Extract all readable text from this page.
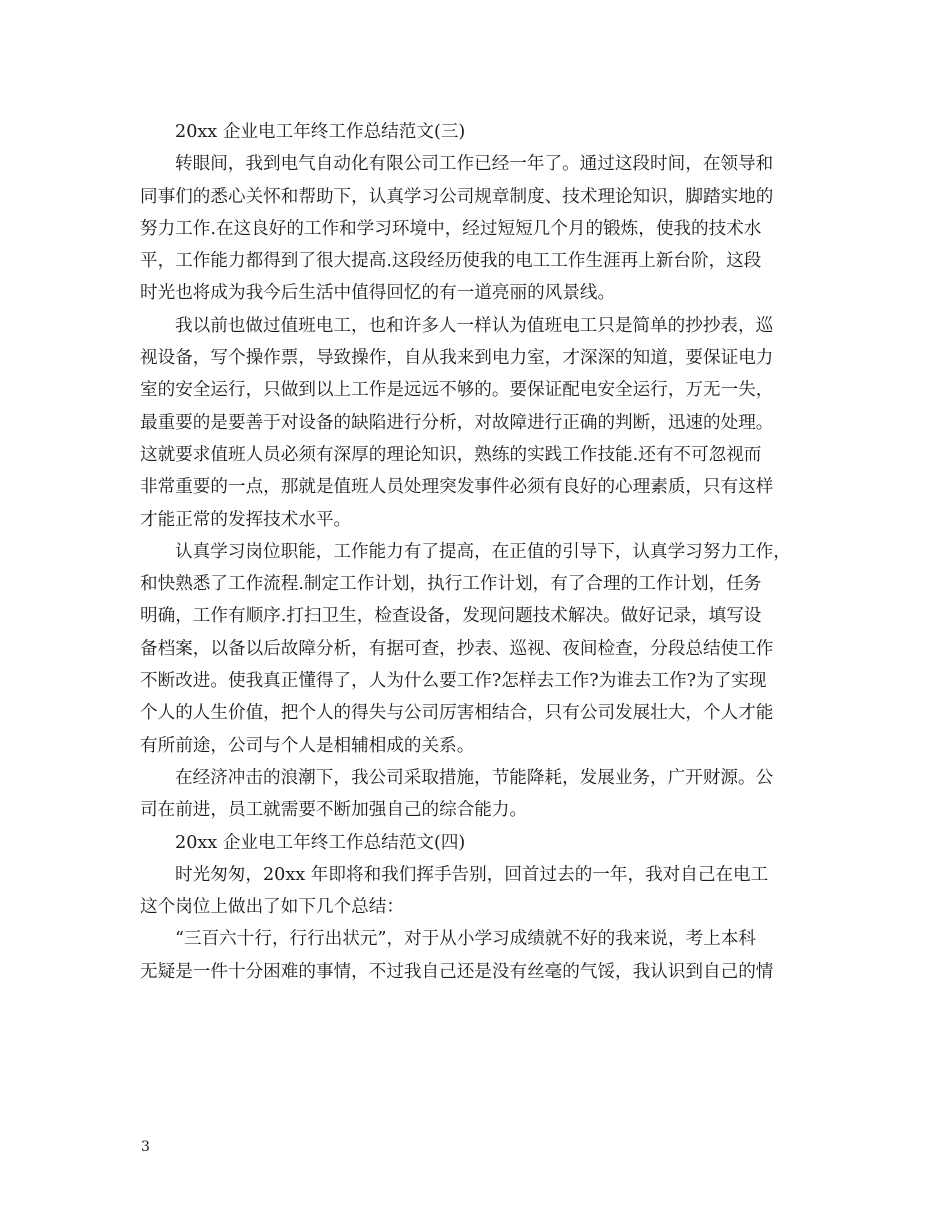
20xx 企业电工年终工作总结范文(三)
转眼间，我到电气自动化有限公司工作已经一年了。通过这段时间，在领导和
同事们的悉心关怀和帮助下，认真学习公司规章制度、技术理论知识，脚踏实地的
努力工作.在这良好的工作和学习环境中，经过短短几个月的锻炼，使我的技术水
平，工作能力都得到了很大提高.这段经历使我的电工工作生涯再上新台阶，这段
时光也将成为我今后生活中值得回忆的有一道亮丽的风景线。
我以前也做过值班电工，也和许多人一样认为值班电工只是简单的抄抄表，巡
视设备，写个操作票，导致操作，自从我来到电力室，才深深的知道，要保证电力
室的安全运行，只做到以上工作是远远不够的。要保证配电安全运行，万无一失，
最重要的是要善于对设备的缺陷进行分析，对故障进行正确的判断，迅速的处理。
这就要求值班人员必须有深厚的理论知识，熟练的实践工作技能.还有不可忽视而
非常重要的一点，那就是值班人员处理突发事件必须有良好的心理素质，只有这样
才能正常的发挥技术水平。
认真学习岗位职能，工作能力有了提高，在正值的引导下，认真学习努力工作，
和快熟悉了工作流程.制定工作计划，执行工作计划，有了合理的工作计划，任务
明确，工作有顺序.打扫卫生，检查设备，发现问题技术解决。做好记录，填写设
备档案，以备以后故障分析，有据可查，抄表、巡视、夜间检查，分段总结使工作
不断改进。使我真正懂得了，人为什么要工作?怎样去工作?为谁去工作?为了实现
个人的人生价值，把个人的得失与公司厉害相结合，只有公司发展壮大，个人才能
有所前途，公司与个人是相辅相成的关系。
在经济冲击的浪潮下，我公司采取措施，节能降耗，发展业务，广开财源。公
司在前进，员工就需要不断加强自己的综合能力。
20xx 企业电工年终工作总结范文(四)
时光匆匆，20xx 年即将和我们挥手告别，回首过去的一年，我对自己在电工
这个岗位上做出了如下几个总结：
“三百六十行，行行出状元”，对于从小学习成绩就不好的我来说，考上本科
无疑是一件十分困难的事情，不过我自己还是没有丝毫的气馁，我认识到自己的情
3
